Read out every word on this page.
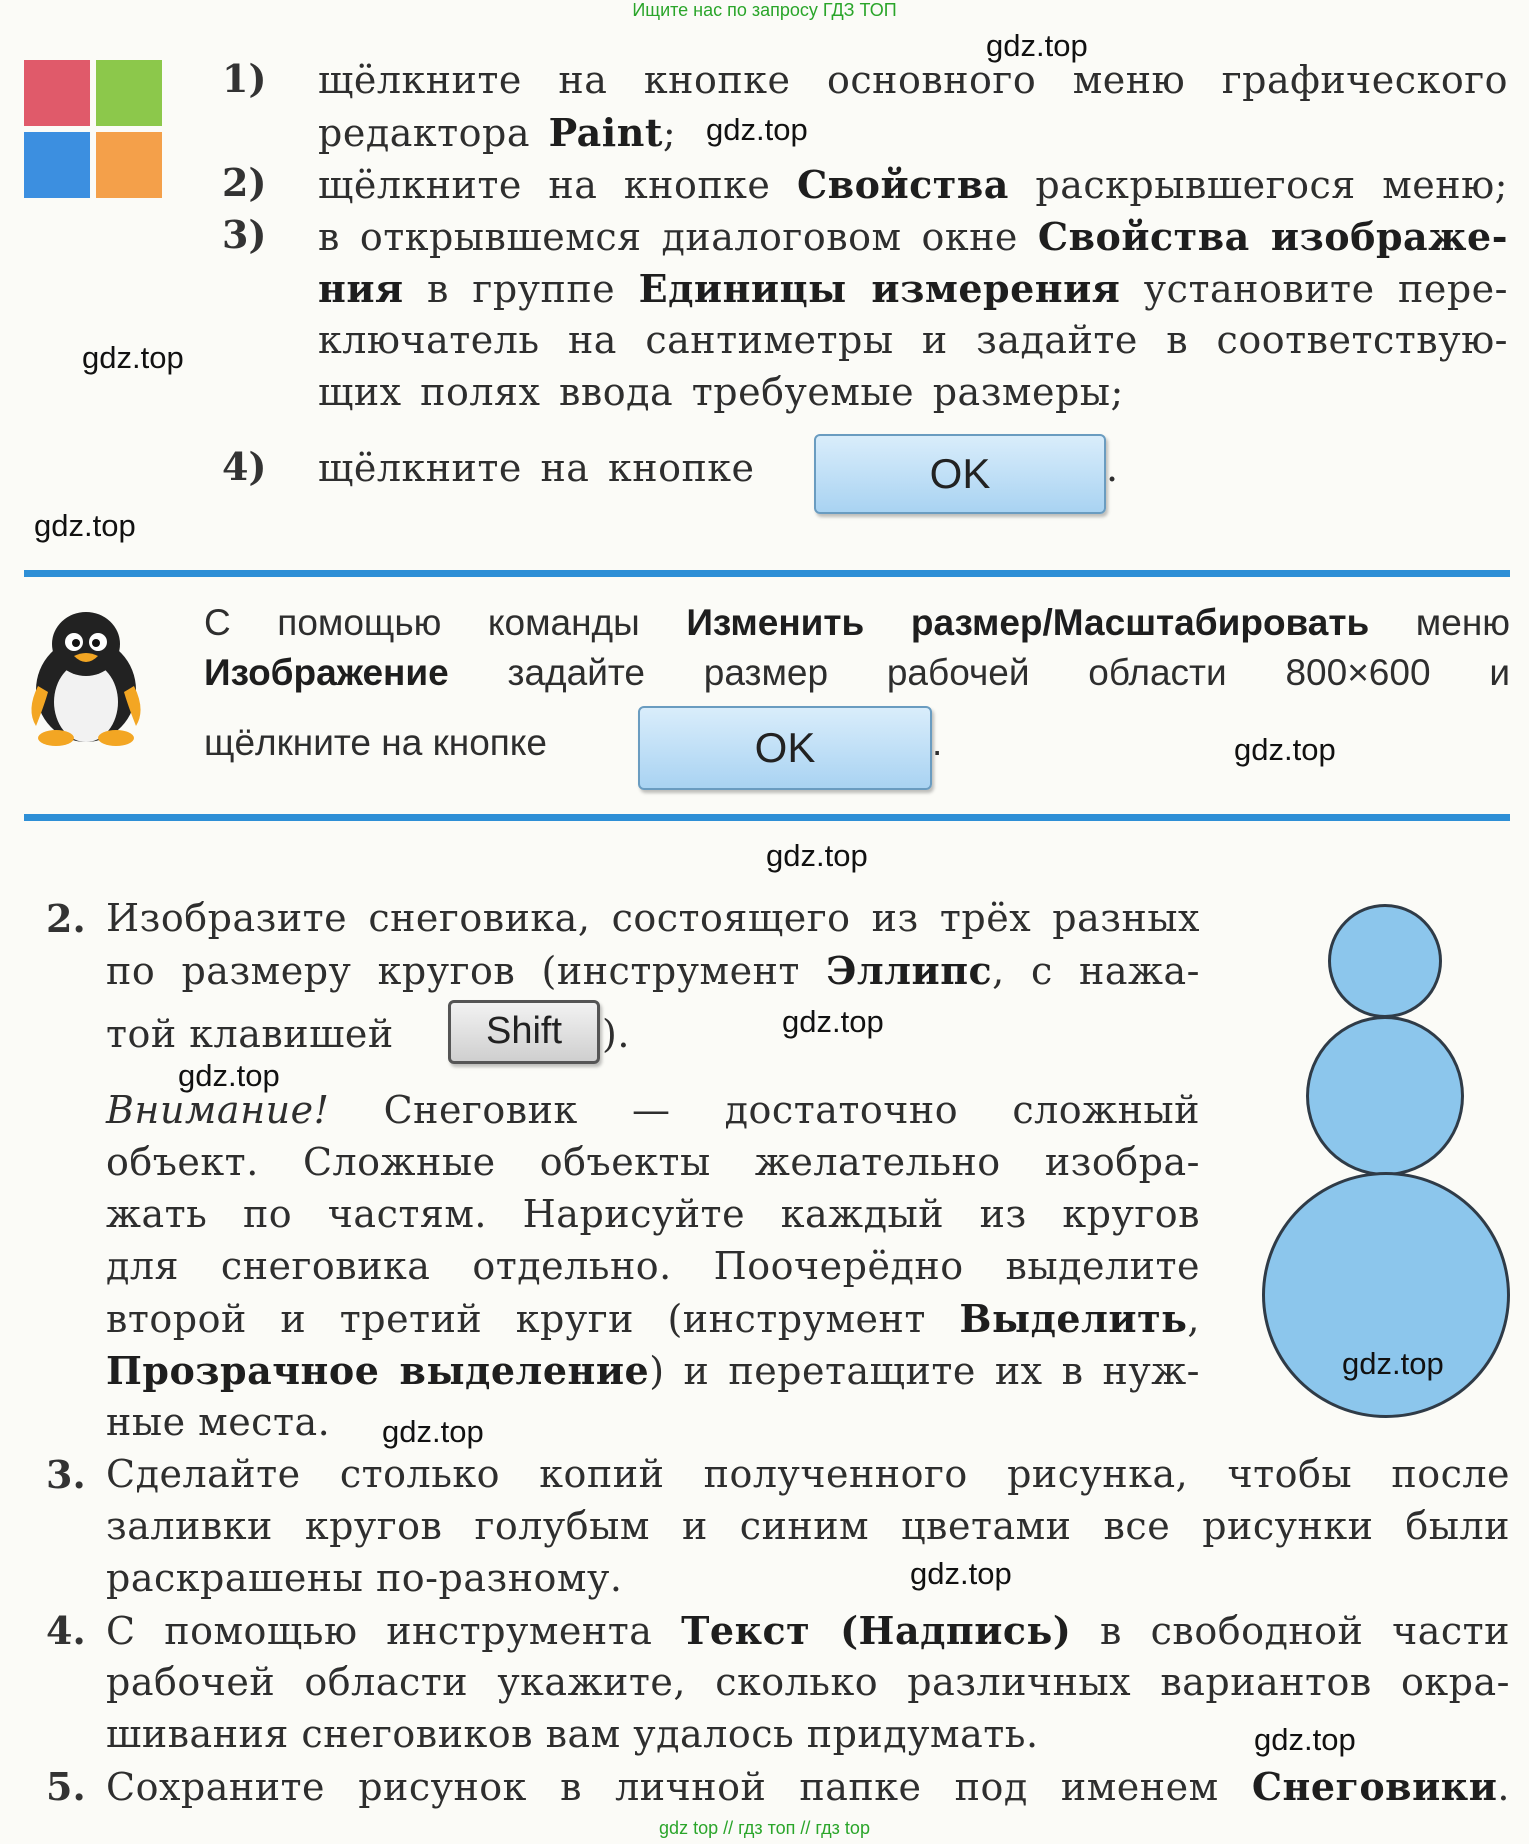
Ищите нас по запросу ГДЗ ТОП
gdz top // гдз топ // гдз top
1) щёлкните на кнопке основного меню графического
редактора Paint;
2) щёлкните на кнопке Свойства раскрывшегося меню;
3) в открывшемся диалоговом окне Свойства изображе-
ния в группе Единицы измерения установите пере-
ключатель на сантиметры и задайте в соответствую-
щих полях ввода требуемые размеры;
4) щёлкните на кнопке	OK	.
С помощью команды Изменить размер/Масштабировать меню
Изображение задайте размер рабочей области 800×600 и
щёлкните на кнопке	OK	.
2. Изобразите снеговика, состоящего из трёх разных
по размеру кругов (инструмент Эллипс, с нажа-
той клавишей	Shift	).
Внимание! Снеговик — достаточно сложный
объект. Сложные объекты желательно изобра-
жать по частям. Нарисуйте каждый из кругов
для снеговика отдельно. Поочерёдно выделите
второй и третий круги (инструмент Выделить,
Прозрачное выделение) и перетащите их в нуж-
ные места.
3. Сделайте столько копий полученного рисунка, чтобы после
заливки кругов голубым и синим цветами все рисунки были
раскрашены по-разному.
4. С помощью инструмента Текст (Надпись) в свободной части
рабочей области укажите, сколько различных вариантов окра-
шивания снеговиков вам удалось придумать.
5. Сохраните рисунок в личной папке под именем Снеговики.
gdz.top
gdz.top
gdz.top
gdz.top
gdz.top
gdz.top
gdz.top
gdz.top
gdz.top
gdz.top
gdz.top
gdz.top
